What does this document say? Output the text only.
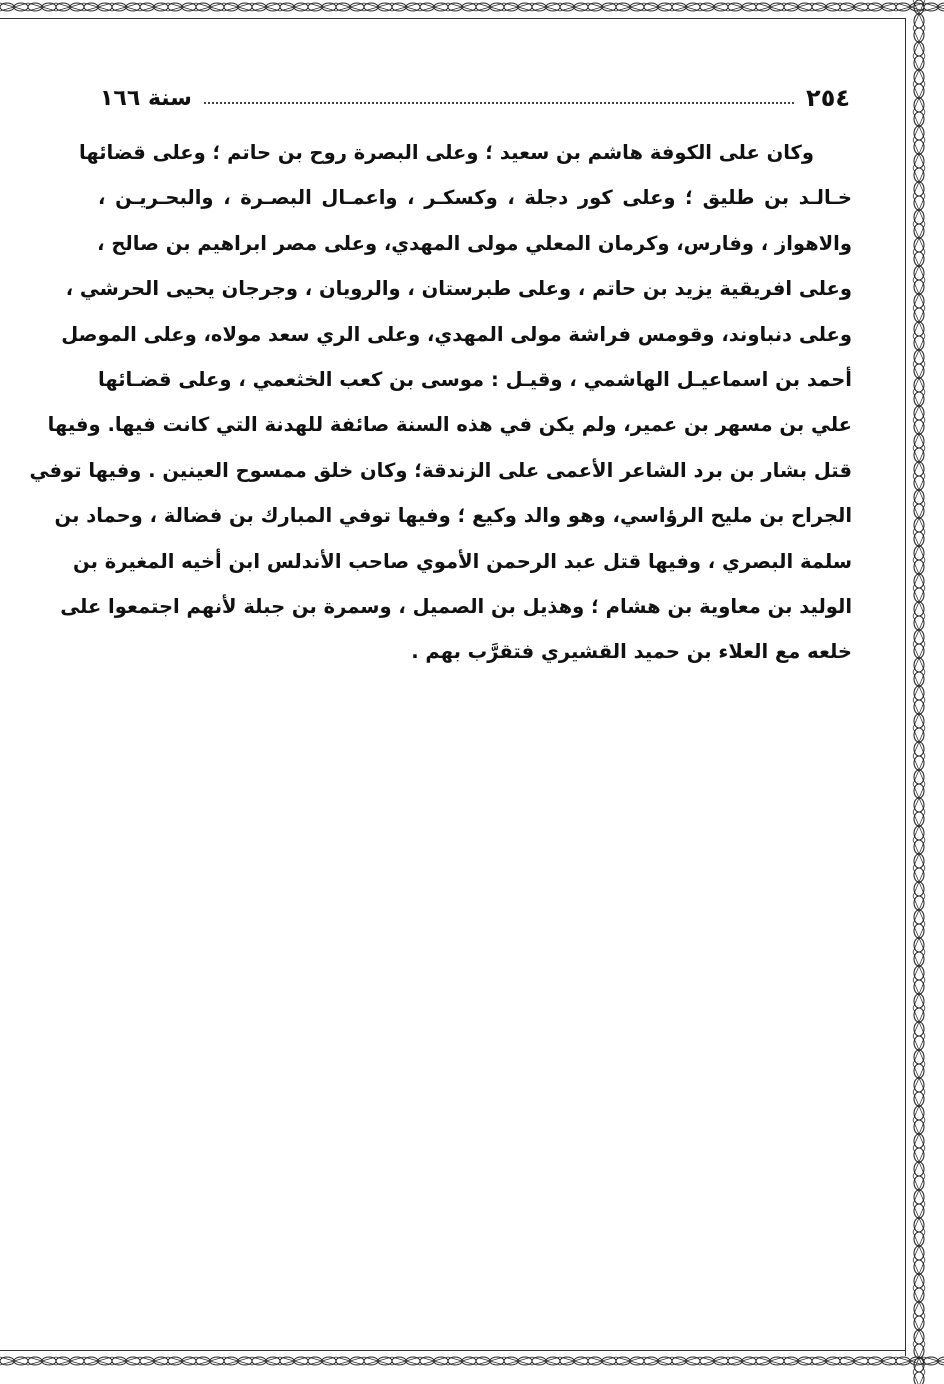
٢٥٤
سنة ١٦٦
وكان على الكوفة هاشم بن سعيد ؛ وعلى البصرة روح بن حاتم ؛ وعلى قضائها
خـالـد بن طليق ؛ وعلى كور دجلة ، وكسكـر ، واعمـال البصـرة ، والبحـريـن ،
والاهواز ، وفارس، وكرمان المعلي مولى المهدي، وعلى مصر ابراهيم بن صالح ،
وعلى افريقية يزيد بن حاتم ، وعلى طبرستان ، والرويان ، وجرجان يحيى الحرشي ،
وعلى دنباوند، وقومس فراشة مولى المهدي، وعلى الري سعد مولاه، وعلى الموصل
أحمد بن اسماعيـل الهاشمي ، وقيـل : موسى بن كعب الخثعمي ، وعلى قضـائها
علي بن مسهر بن عمير، ولم يكن في هذه السنة صائفة للهدنة التي كانت فيها. وفيها
قتل بشار بن برد الشاعر الأعمى على الزندقة؛ وكان خلق ممسوح العينين . وفيها توفي
الجراح بن مليح الرؤاسي، وهو والد وكيع ؛ وفيها توفي المبارك بن فضالة ، وحماد بن
سلمة البصري ، وفيها قتل عبد الرحمن الأموي صاحب الأندلس ابن أخيه المغيرة بن
الوليد بن معاوية بن هشام ؛ وهذيل بن الصميل ، وسمرة بن جبلة لأنهم اجتمعوا على
خلعه مع العلاء بن حميد القشيري فتقرَّب بهم .
